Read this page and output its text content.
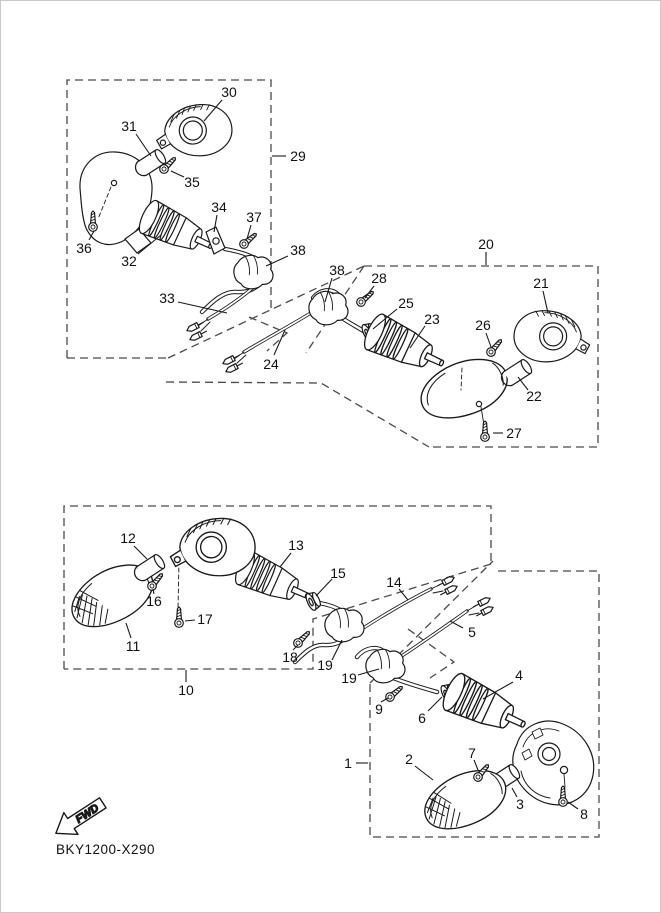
30
31
29
35
36
32
34
37
38
38
33
24
20
21
22
23
25
26
27
28
10
11
12	13
15
16
17
18 19
1	2
3
4
5
6
7
8
9
14
19
FWD
BKY1200-X290
